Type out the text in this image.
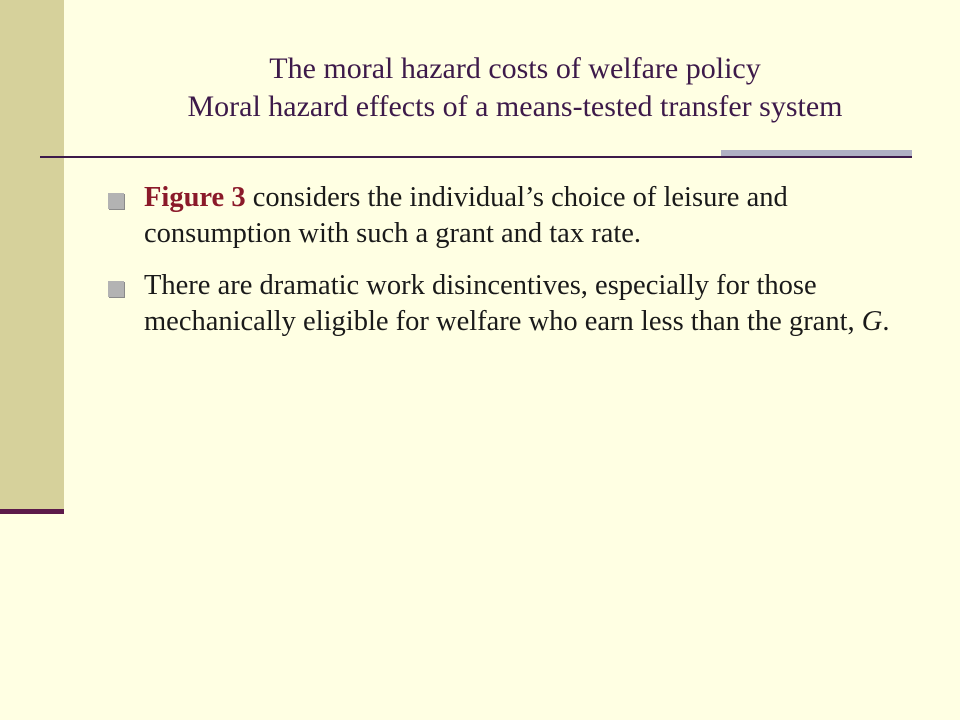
The moral hazard costs of welfare policy
Moral hazard effects of a means-tested transfer system
Figure 3 considers the individual’s choice of leisure and consumption with such a grant and tax rate.
There are dramatic work disincentives, especially for those mechanically eligible for welfare who earn less than the grant, G.
